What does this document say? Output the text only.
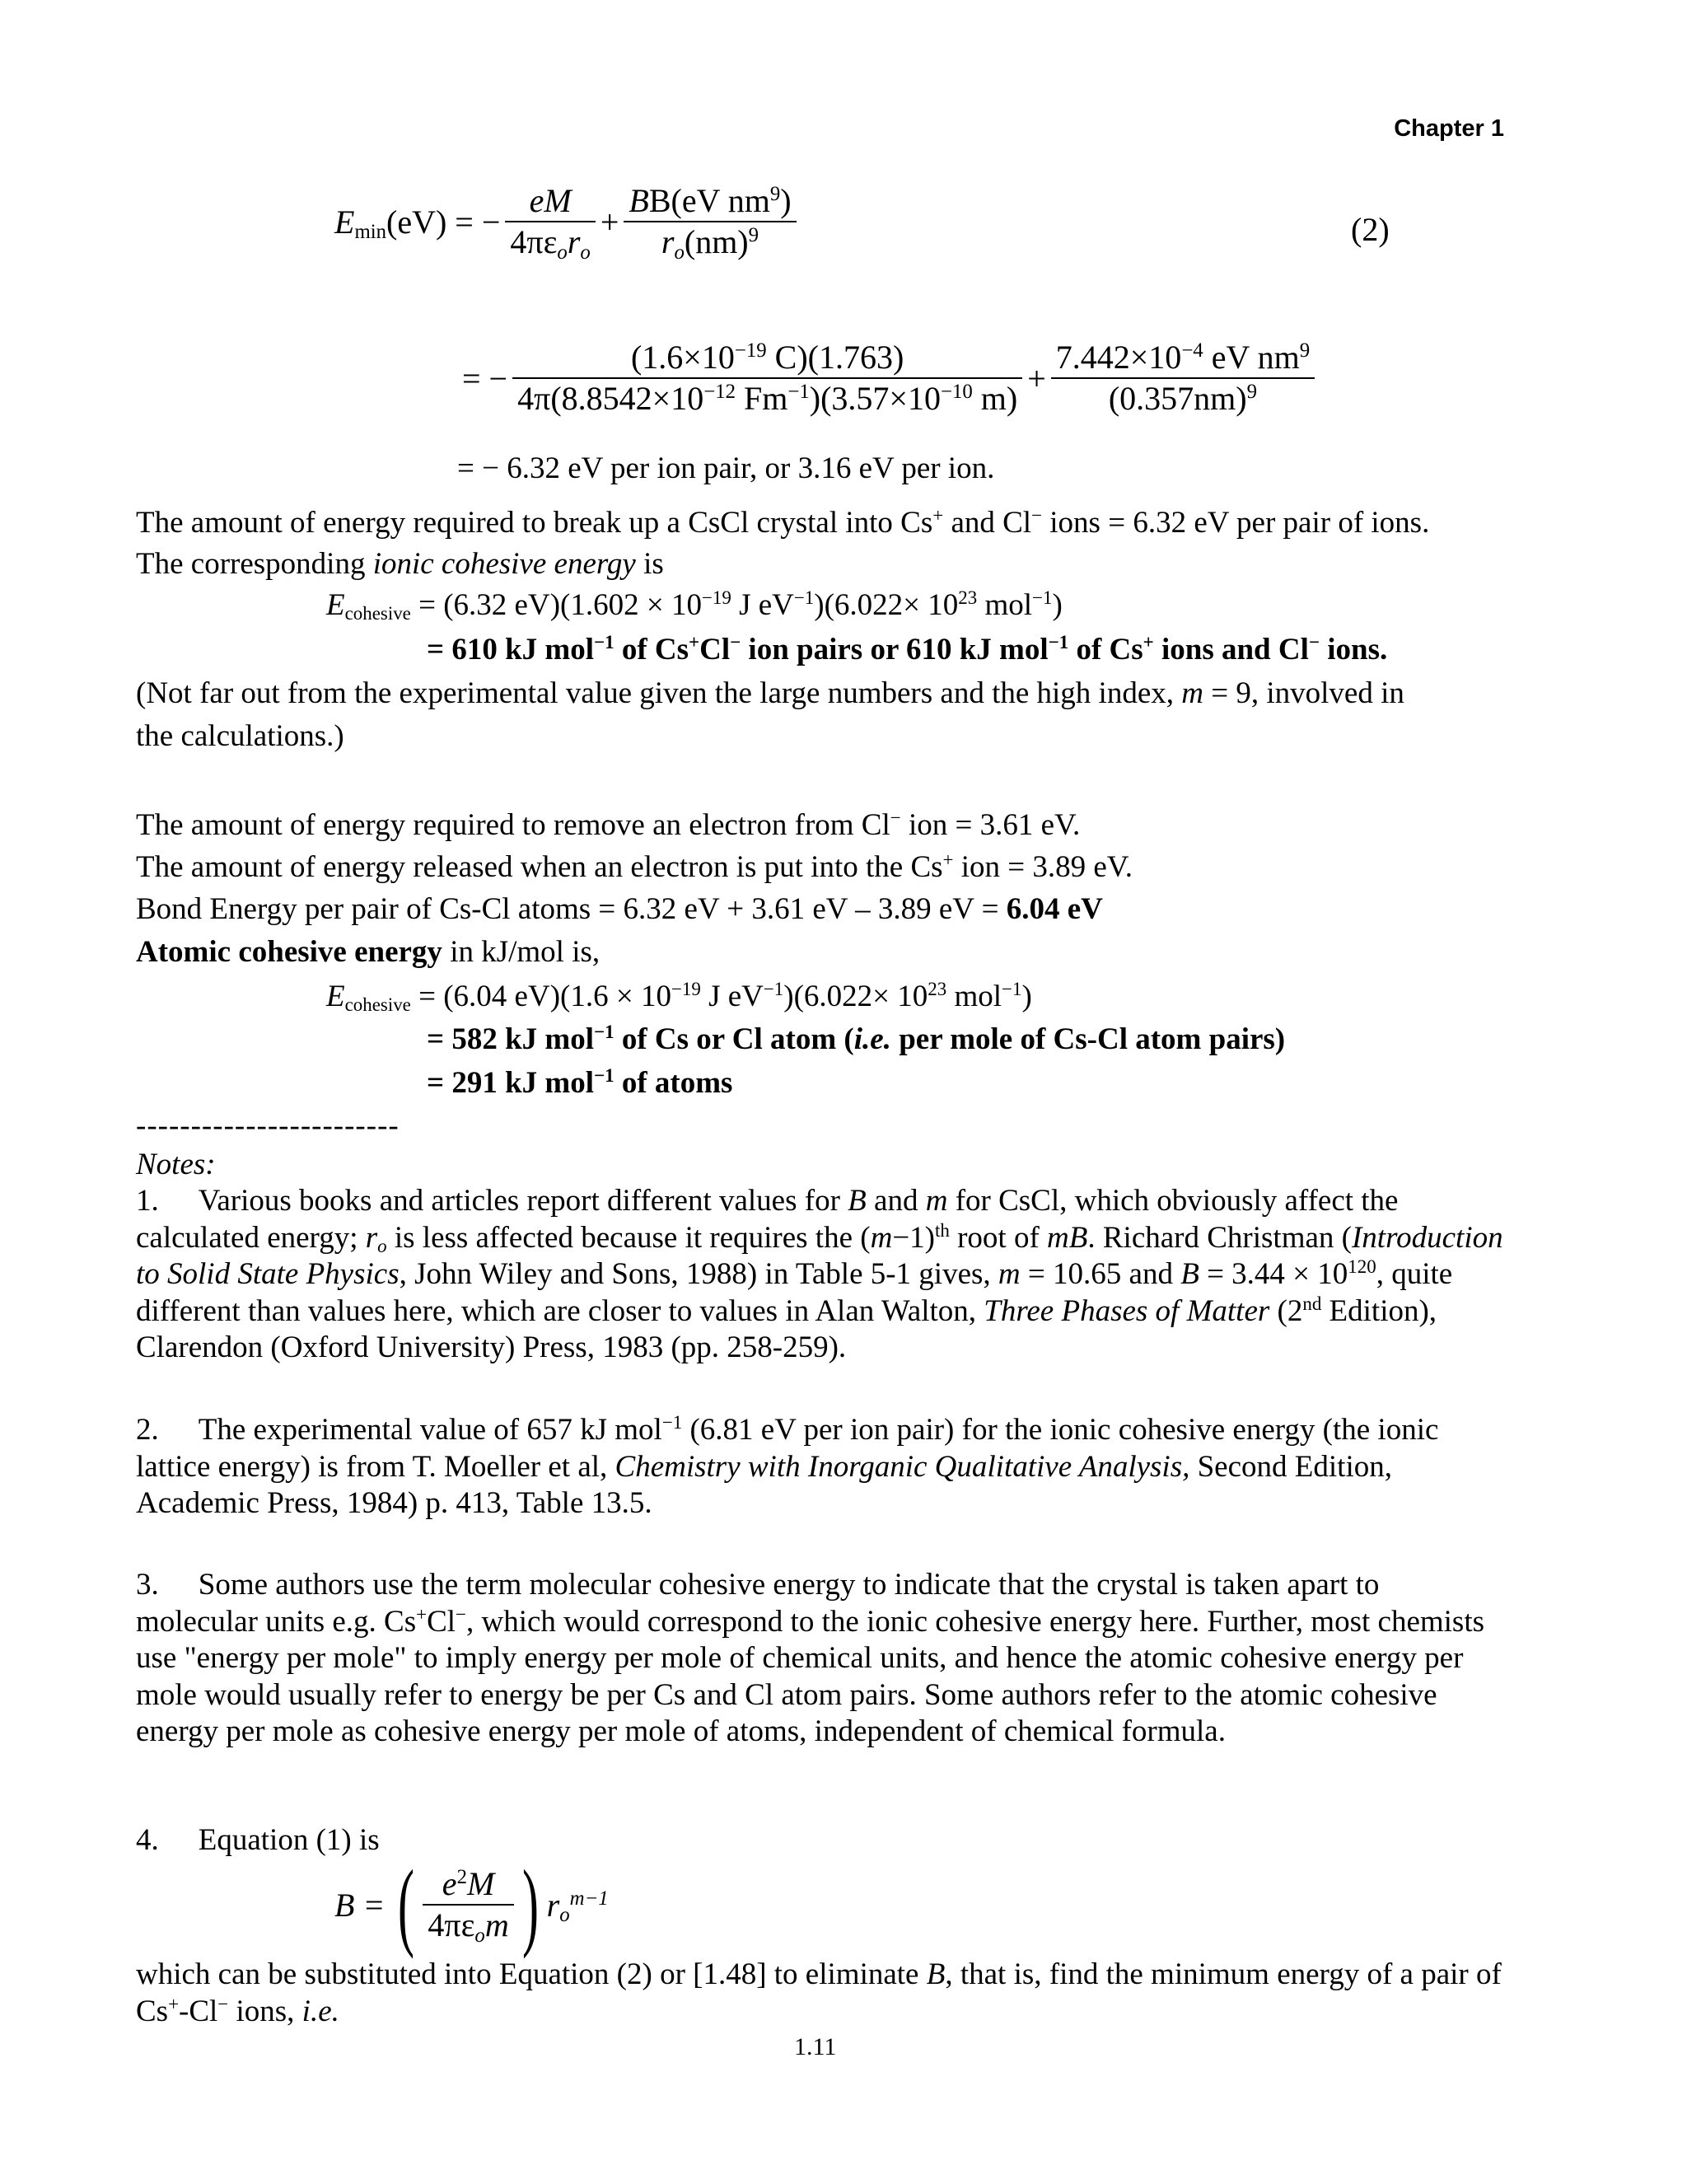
Chapter 1
$E_{min}(eV)$ = − $\frac{eM}{4\pi\varepsilon_or_o} + \frac{BB(eV nm^9)}{r_o(nm)^9}$	(2)
= − $\frac{(1.6\times 10^{-19} C)(1.763)}{4\pi(8.8542\times 10^{-12} Fm^{-1})(3.57\times 10^{-10} m)} + \frac{7.442\times 10^{-4} eV nm^9}{(0.357nm)^9}$
= − 6.32 eV per ion pair, or 3.16 eV per ion.
The amount of energy required to break up a CsCl crystal into Cs+ and Cl− ions = 6.32 eV per pair of ions.
The corresponding ionic cohesive energy is
$E_{cohesive} = (6.32$ $eV)(1.602 \times 10^{-19}$ J $eV^{-1})(6.022\times 10^{23}$ mol$^{-1}$)
= 610 kJ mol$^{-1}$ of Cs+Cl− ion pairs or 610 kJ mol$^{-1}$ of Cs+ ions and Cl− ions.
(Not far out from the experimental value given the large numbers and the high index, m = 9, involved in
the calculations.)
The amount of energy required to remove an electron from Cl− ion = 3.61 eV.
The amount of energy released when an electron is put into the Cs+ ion = 3.89 eV.
Bond Energy per pair of Cs-Cl atoms = 6.32 eV + 3.61 eV – 3.89 eV = 6.04 eV
Atomic cohesive energy in kJ/mol is,
$E_{cohesive} = (6.04$ $eV)(1.6 \times 10^{-19}$ J $eV^{-1})(6.022\times 10^{23}$ mol$^{-1}$)
= 582 kJ mol$^{-1}$ of Cs or Cl atom (i.e. per mole of Cs-Cl atom pairs)
= 291 kJ mol$^{-1}$ of atoms
------------------------
Notes:
1. Various books and articles report different values for B and m for CsCl, which obviously affect the calculated energy; $r_o$ is less affected because it requires the $(m-1)^{th}$ root of mB. Richard Christman (Introduction to Solid State Physics, John Wiley and Sons, 1988) in Table 5-1 gives, m = 10.65 and $B = 3.44 \times 10^{120}$, quite different than values here, which are closer to values in Alan Walton, Three Phases of Matter (2nd Edition), Clarendon (Oxford University) Press, 1983 (pp. 258-259).
2. The experimental value of 657 kJ mol$^{-1}$ (6.81 eV per ion pair) for the ionic cohesive energy (the ionic lattice energy) is from T. Moeller et al, Chemistry with Inorganic Qualitative Analysis, Second Edition, Academic Press, 1984) p. 413, Table 13.5.
3. Some authors use the term molecular cohesive energy to indicate that the crystal is taken apart to molecular units e.g. Cs+Cl−, which would correspond to the ionic cohesive energy here. Further, most chemists use "energy per mole" to imply energy per mole of chemical units, and hence the atomic cohesive energy per mole would usually refer to energy be per Cs and Cl atom pairs. Some authors refer to the atomic cohesive energy per mole as cohesive energy per mole of atoms, independent of chemical formula.
4. Equation (1) is
B = ( $\frac{e^2M}{4\pi\varepsilon_om}$ ) $r_o^{m-1}$
which can be substituted into Equation (2) or [1.48] to eliminate B, that is, find the minimum energy of a pair of Cs+-Cl− ions, i.e.
1.11
